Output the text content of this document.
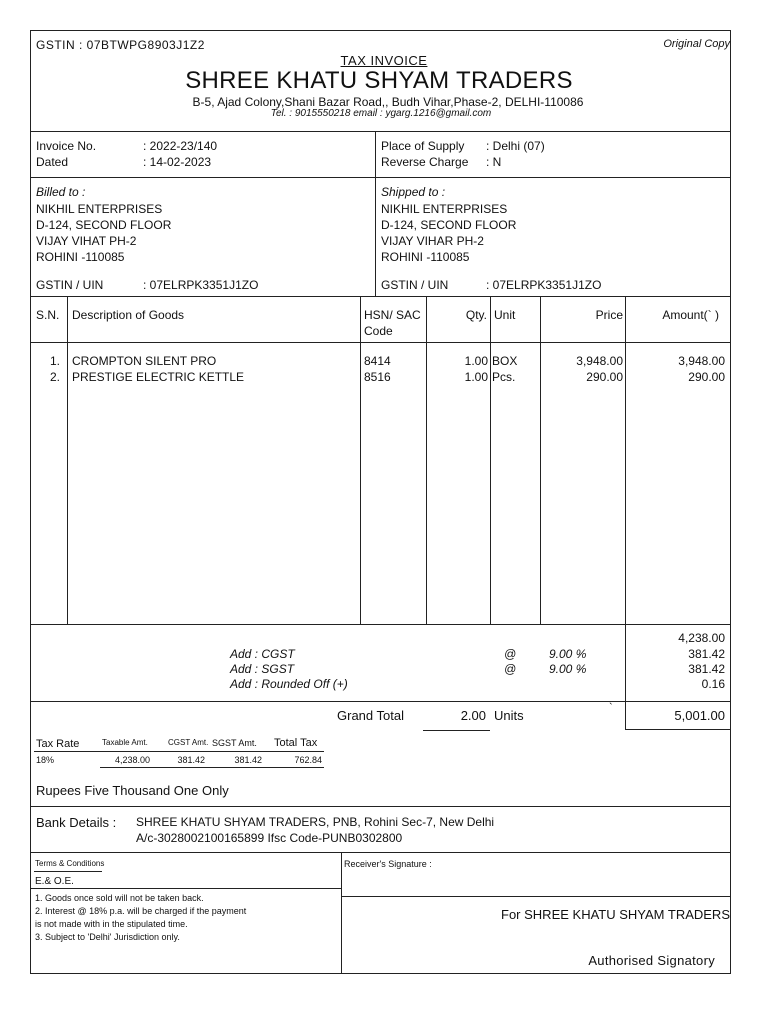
GSTIN : 07BTWPG8903J1Z2	Original Copy
TAX INVOICE
SHREE KHATU SHYAM TRADERS
B-5, Ajad Colony,Shani Bazar Road,, Budh Vihar,Phase-2, DELHI-110086
Tel. : 9015550218 email : ygarg.1216@gmail.com
Invoice No.	: 2022-23/140
Dated	: 14-02-2023
Place of Supply : Delhi (07)
Reverse Charge : N
Billed to :
NIKHIL ENTERPRISES
D-124, SECOND FLOOR
VIJAY VIHAT PH-2
ROHINI -110085
GSTIN / UIN	: 07ELRPK3351J1ZO
Shipped to :
NIKHIL ENTERPRISES
D-124, SECOND FLOOR
VIJAY VIHAR PH-2
ROHINI -110085
GSTIN / UIN	: 07ELRPK3351J1ZO
S.N. Description of Goods	HSN/ SAC
Code
Qty. Unit	Price	Amount(` )
1. CROMPTON SILENT PRO	8414	1.00 BOX	3,948.00	3,948.00
2. PRESTIGE ELECTRIC KETTLE	8516	1.00 Pcs.	290.00	290.00
4,238.00
Add : CGST	@	9.00 %	381.42
Add : SGST	@	9.00 %	381.42
Add : Rounded Off (+)	0.16
Grand Total	2.00 Units	`	5,001.00
Tax Rate	Taxable Amt.	CGST Amt. SGST Amt. Total Tax
18%	4,238.00	381.42	381.42	762.84
Rupees Five Thousand One Only
Bank Details : SHREE KHATU SHYAM TRADERS, PNB, Rohini Sec-7, New Delhi
A/c-3028002100165899 Ifsc Code-PUNB0302800
Terms & Conditions
E.& O.E.
1. Goods once sold will not be taken back.
2. Interest @ 18% p.a. will be charged if the payment
is not made with in the stipulated time.
3. Subject to 'Delhi' Jurisdiction only.
Receiver's Signature :
For SHREE KHATU SHYAM TRADERS
Authorised Signatory
